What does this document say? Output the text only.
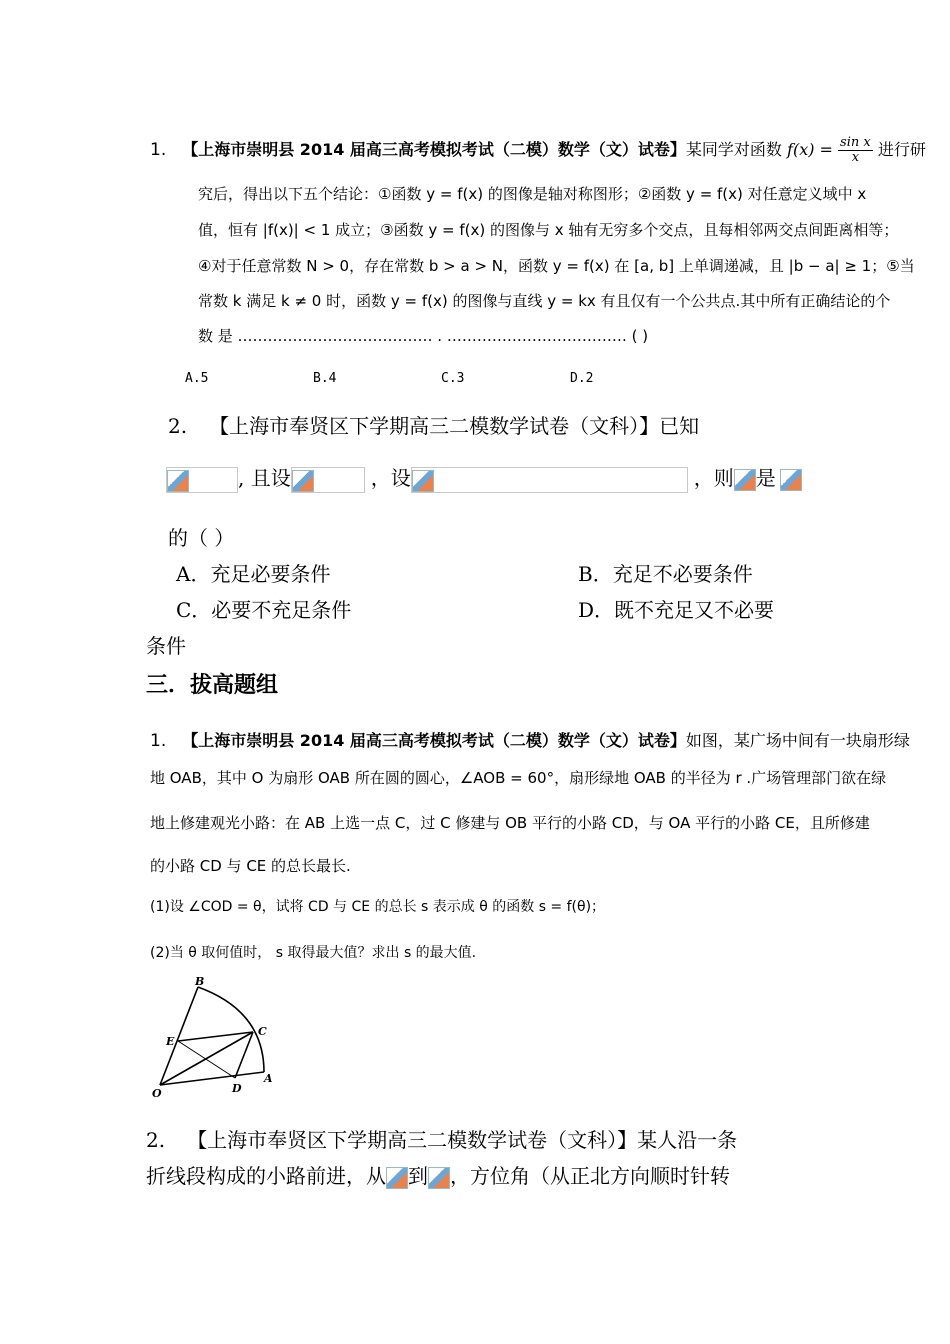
1. 【上海市崇明县 2014 届高三高考模拟考试（二模）数学（文）试卷】某同学对函数 $f(x) = \frac{\text{sin x}}{x}$ 进行研
究后，得出以下五个结论：①函数 y = f(x) 的图像是轴对称图形；②函数 y = f(x) 对任意定义域中 x
值，恒有 |f(x)| < 1 成立；③函数 y = f(x) 的图像与 x 轴有无穷多个交点，且每相邻两交点间距离相等；
④对于任意常数 N > 0，存在常数 b > a > N，函数 y = f(x) 在 [a, b] 上单调递减，且 |b − a| ≥ 1；⑤当
常数 k 满足 k ≠ 0 时，函数 y = f(x) 的图像与直线 y = kx 有且仅有一个公共点.其中所有正确结论的个
数 是 ………………………………… . ……………………………… ( )
A.5	B.4	C.3	D.2
2. 【上海市奉贤区下学期高三二模数学试卷（文科）】已知
, 且设	，设	，则 是
的（ ）
A．充足必要条件	B．充足不必要条件
C．必要不充足条件	D．既不充足又不必要
条件
三．拔高题组
1. 【上海市崇明县 2014 届高三高考模拟考试（二模）数学（文）试卷】如图，某广场中间有一块扇形绿
地 OAB，其中 O 为扇形 OAB 所在圆的圆心，∠AOB = 60°，扇形绿地 OAB 的半径为 r .广场管理部门欲在绿
地上修建观光小路：在 AB 上选一点 C，过 C 修建与 OB 平行的小路 CD，与 OA 平行的小路 CE，且所修建
的小路 CD 与 CE 的总长最长.
(1)设 ∠COD = θ，试将 CD 与 CE 的总长 s 表示成 θ 的函数 s = f(θ)；
(2)当 θ 取何值时， s 取得最大值？求出 s 的最大值.
B
C
E
D
A
O
2. 【上海市奉贤区下学期高三二模数学试卷（文科）】某人沿一条
折线段构成的小路前进，从 到 ，方位角（从正北方向顺时针转
